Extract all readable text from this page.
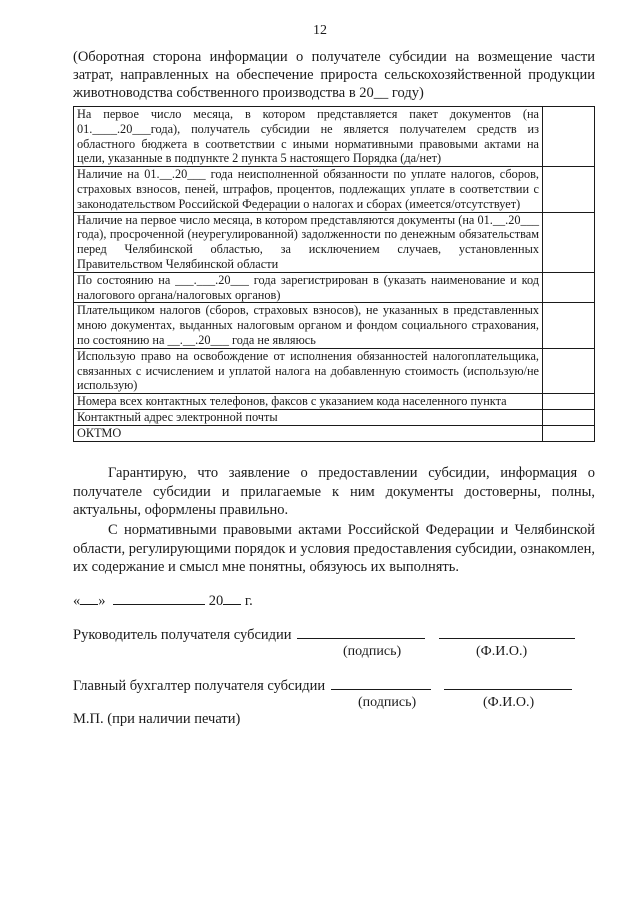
12
(Оборотная сторона информации о получателе субсидии на возмещение части затрат, направленных на обеспечение прироста сельскохозяйственной продукции животноводства собственного производства в 20__ году)
На первое число месяца, в котором представляется пакет документов (на 01.____.20___года), получатель субсидии не является получателем средств из областного бюджета в соответствии с иными нормативными правовыми актами на цели, указанные в подпункте 2 пункта 5 настоящего Порядка (да/нет)	
Наличие на 01.__.20___ года неисполненной обязанности по уплате налогов, сборов, страховых взносов, пеней, штрафов, процентов, подлежащих уплате в соответствии с законодательством Российской Федерации о налогах и сборах (имеется/отсутствует)	
Наличие на первое число месяца, в котором представляются документы (на 01.__.20___ года), просроченной (неурегулированной) задолженности по денежным обязательствам перед Челябинской областью, за исключением случаев, установленных Правительством Челябинской области	
По состоянию на ___.___.20___ года зарегистрирован в (указать наименование и код налогового органа/налоговых органов)	
Плательщиком налогов (сборов, страховых взносов), не указанных в представленных мною документах, выданных налоговым органом и фондом социального страхования, по состоянию на __.__.20___ года не являюсь	
Использую право на освобождение от исполнения обязанностей налогоплательщика, связанных с исчислением и уплатой налога на добавленную стоимость (использую/не использую)	
Номера всех контактных телефонов, факсов с указанием кода населенного пункта	
Контактный адрес электронной почты	
ОКТМО	

Гарантирую, что заявление о предоставлении субсидии, информация о получателе субсидии и прилагаемые к ним документы достоверны, полны, актуальны, оформлены правильно.

С нормативными правовыми актами Российской Федерации и Челябинской области, регулирующими порядок и условия предоставления субсидии, ознакомлен, их содержание и смысл мне понятны, обязуюсь их выполнять.

« »	20 г.
Руководитель получателя субсидии
(подпись)	(Ф.И.О.)
Главный бухгалтер получателя субсидии
(подпись)	(Ф.И.О.)
М.П. (при наличии печати)
